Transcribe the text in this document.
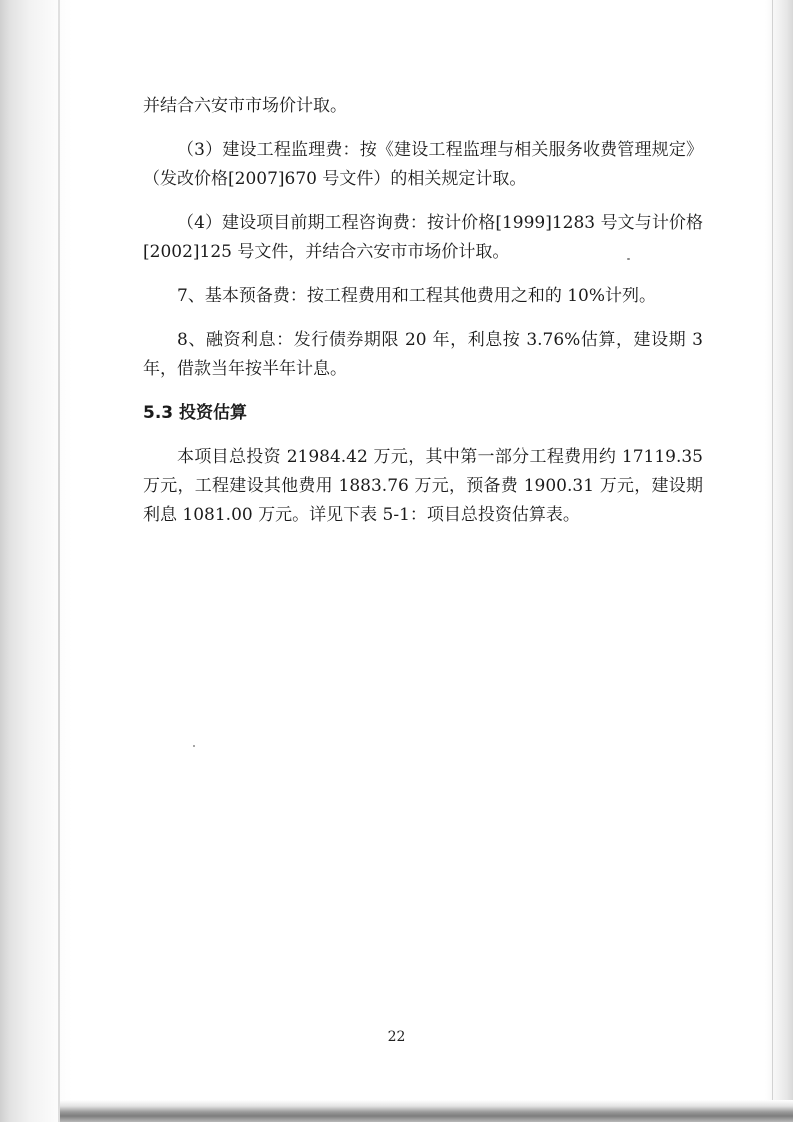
并结合六安市市场价计取。

（3）建设工程监理费：按《建设工程监理与相关服务收费管理规定》（发改价格[2007]670 号文件）的相关规定计取。

（4）建设项目前期工程咨询费：按计价格[1999]1283 号文与计价格[2002]125 号文件，并结合六安市市场价计取。

7、基本预备费：按工程费用和工程其他费用之和的 10%计列。

8、融资利息：发行债券期限 20 年，利息按 3.76%估算，建设期 3 年，借款当年按半年计息。

5.3 投资估算

本项目总投资 21984.42 万元，其中第一部分工程费用约 17119.35 万元，工程建设其他费用 1883.76 万元，预备费 1900.31 万元，建设期利息 1081.00 万元。详见下表 5-1：项目总投资估算表。

22
